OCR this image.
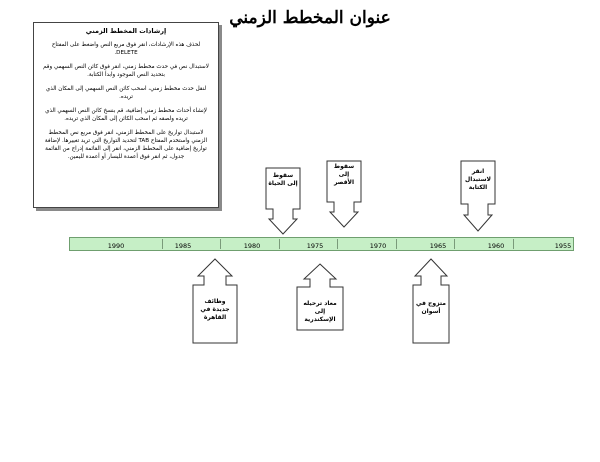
عنوان المخطط الزمني
إرشادات المخطط الزمني

لحذف هذه الإرشادات، انقر فوق مربع النص واضغط على المفتاح DELETE.

لاستبدال نص في حدث مخطط زمني، انقر فوق كائن النص السهمي وقم بتحديد النص الموجود وابدأ الكتابة.

لنقل حدث مخطط زمني، اسحب كائن النص السهمي إلى المكان الذي تريده.

لإنشاء أحداث مخطط زمني إضافية، قم بنسخ كائن النص السهمي الذي تريده ولصقه ثم اسحب الكائن إلى المكان الذي تريده.

لاستبدال تواريخ على المخطط الزمني، انقر فوق مربع نص المخطط الزمني واستخدم المفتاح TAB لتحديد التواريخ التي تريد تغييرها. لإضافة تواريخ إضافية على المخطط الزمني، انقر إلى القائمة إدراج من القائمة جدول، ثم انقر فوق أعمدة لليسار أو أعمدة لليمين.

1990	1985	1980	1975	1970	1965	1960	1955
سقوط إلى الحياة
سقوط إلى الأقصر
انقر لاستبدال الكتابة
وظائف جديدة في القاهرة
معاد ترحيله إلى الإسكندرية
متزوج في أسوان
